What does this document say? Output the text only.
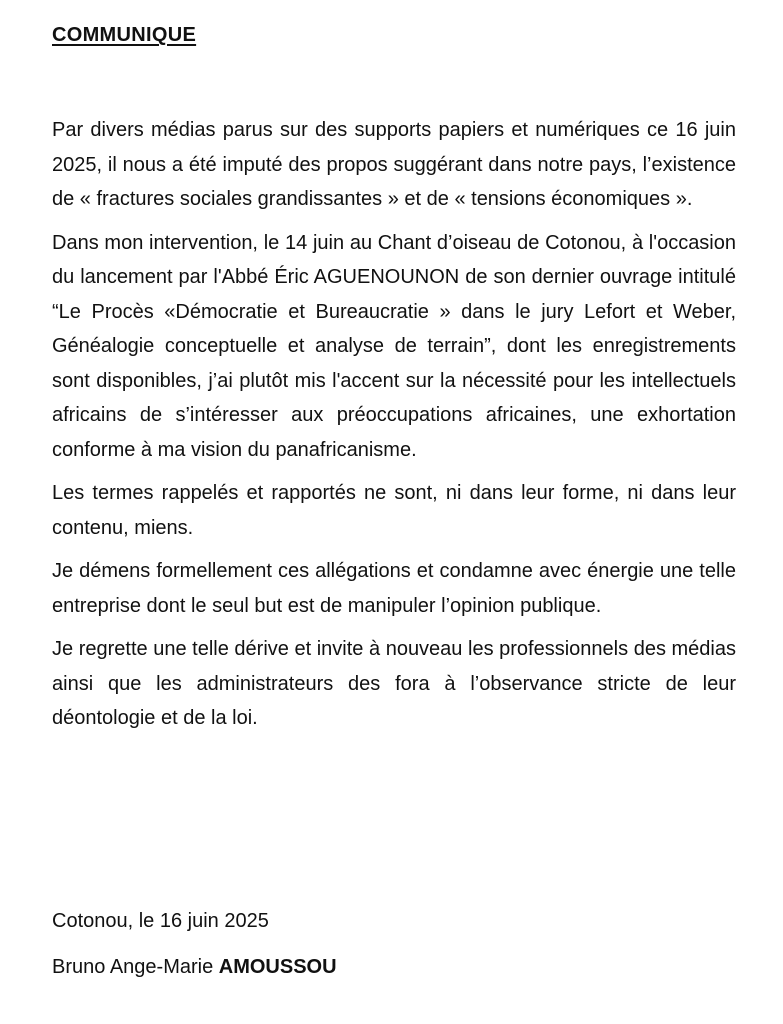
COMMUNIQUE

Par divers médias parus sur des supports papiers et numériques ce 16 juin 2025, il nous a été imputé des propos suggérant dans notre pays, l’existence de « fractures sociales grandissantes » et de « tensions économiques ».

Dans mon intervention, le 14 juin au Chant d’oiseau de Cotonou, à l'occasion du lancement par l'Abbé Éric AGUENOUNON de son dernier ouvrage intitulé “Le Procès «Démocratie et Bureaucratie » dans le jury Lefort et Weber, Généalogie conceptuelle et analyse de terrain”, dont les enregistrements sont disponibles, j’ai plutôt mis l'accent sur la nécessité pour les intellectuels africains de s’intéresser aux préoccupations africaines, une exhortation conforme à ma vision du panafricanisme.

Les termes rappelés et rapportés ne sont, ni dans leur forme, ni dans leur contenu, miens.

Je démens formellement ces allégations et condamne avec énergie une telle entreprise dont le seul but est de manipuler l’opinion publique.

Je regrette une telle dérive et invite à nouveau les professionnels des médias ainsi que les administrateurs des fora à l’observance stricte de leur déontologie et de la loi.

Cotonou, le 16 juin 2025
Bruno Ange-Marie AMOUSSOU
